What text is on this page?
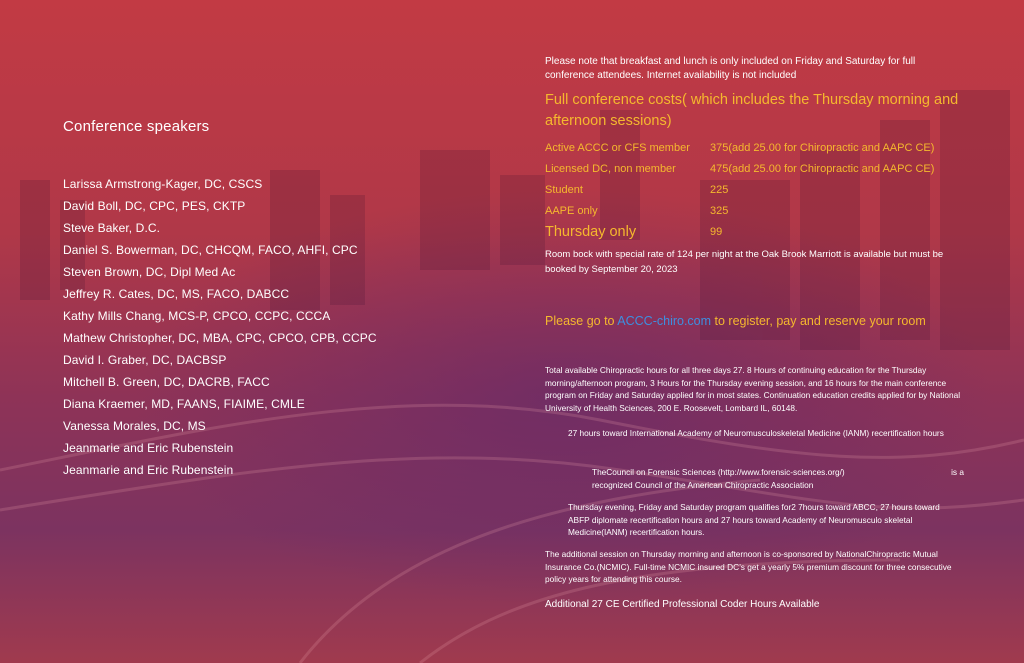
Conference speakers
Larissa Armstrong-Kager, DC, CSCS
David Boll, DC, CPC, PES, CKTP
Steve Baker, D.C.
Daniel S. Bowerman, DC, CHCQM, FACO, AHFI, CPC
Steven Brown, DC, Dipl Med Ac
Jeffrey R. Cates, DC, MS, FACO, DABCC
Kathy Mills Chang, MCS-P, CPCO, CCPC, CCCA
Mathew Christopher, DC, MBA, CPC, CPCO, CPB, CCPC
David I. Graber, DC, DACBSP
Mitchell B. Green, DC, DACRB, FACC
Diana Kraemer, MD, FAANS, FIAIME, CMLE
Vanessa Morales, DC, MS
Jeanmarie and Eric Rubenstein
Jeanmarie and Eric Rubenstein

Please note that breakfast and lunch is only included on Friday and Saturday for full conference attendees. Internet availability is not included

Full conference costs( which includes the Thursday morning and afternoon sessions)

Active ACCC or CFS member	375(add 25.00 for Chiropractic and AAPC CE)
Licensed DC, non member	475(add 25.00 for Chiropractic and AAPC CE)
Student	225
AAPE only	325
Thursday only	99

Room bock with special rate of 124 per night at the Oak Brook Marriott is available but must be booked by September 20, 2023

Please go to ACCC-chiro.com to register, pay and reserve your room

Total available Chiropractic hours for all three days 27. 8 Hours of continuing education for the Thursday morning/afternoon program, 3 Hours for the Thursday evening session, and 16 hours for the main conference program on Friday and Saturday applied for in most states. Continuation education credits applied for by National University of Health Sciences, 200 E. Roosevelt, Lombard IL, 60148.

27 hours toward International Academy of Neuromusculoskeletal Medicine (IANM) recertification hours

TheCouncil on Forensic Sciences (http://www.forensic-sciences.org/)	is a
recognized Council of the American Chiropractic Association

Thursday evening, Friday and Saturday program qualifies for2 7hours toward ABCC, 27 hours toward ABFP diplomate recertification hours and 27 hours toward Academy of Neuromusculo skeletal Medicine(IANM) recertification hours.

The additional session on Thursday morning and afternoon is co-sponsored by NationalChiropractic Mutual Insurance Co.(NCMIC). Full-time NCMIC insured DC’s get a yearly 5% premium discount for three consecutive policy years for attending this course.

Additional 27 CE Certified Professional Coder Hours Available
